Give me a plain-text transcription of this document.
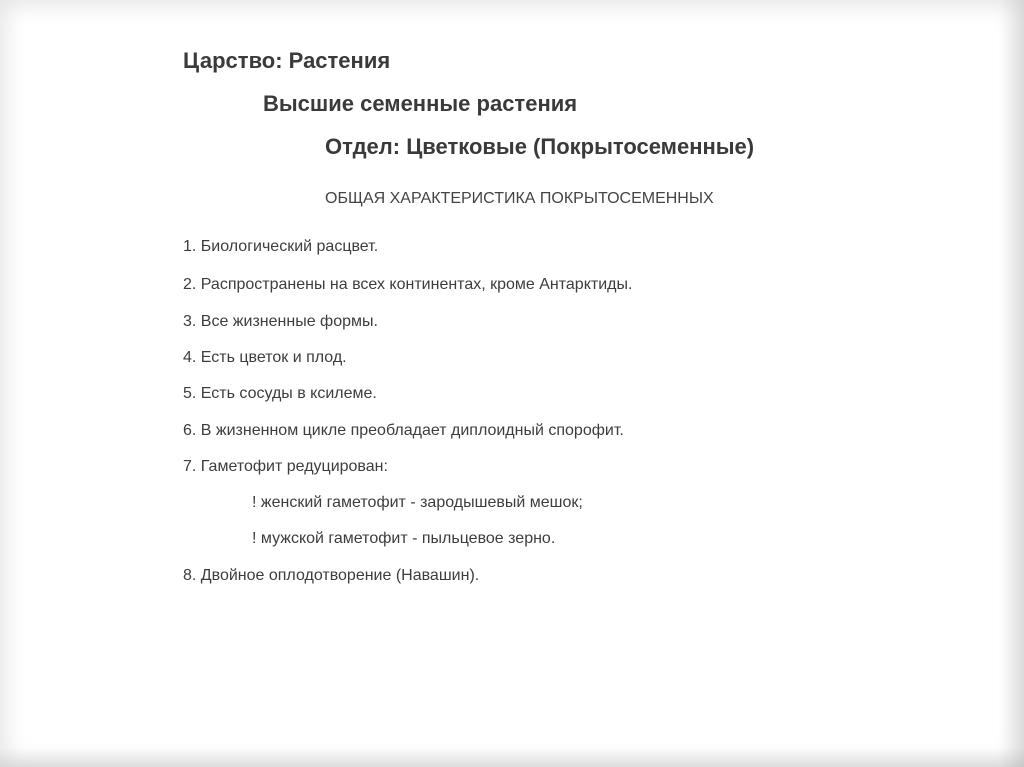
Царство: Растения
Высшие семенные растения
Отдел: Цветковые (Покрытосеменные)
ОБЩАЯ ХАРАКТЕРИСТИКА ПОКРЫТОСЕМЕННЫХ
1. Биологический расцвет.
2. Распространены на всех континентах, кроме Антарктиды.
3. Все жизненные формы.
4. Есть цветок и плод.
5. Есть сосуды в ксилеме.
6. В жизненном цикле преобладает диплоидный спорофит.
7. Гаметофит редуцирован:
! женский гаметофит - зародышевый мешок;
! мужской гаметофит - пыльцевое зерно.
8. Двойное оплодотворение (Навашин).
